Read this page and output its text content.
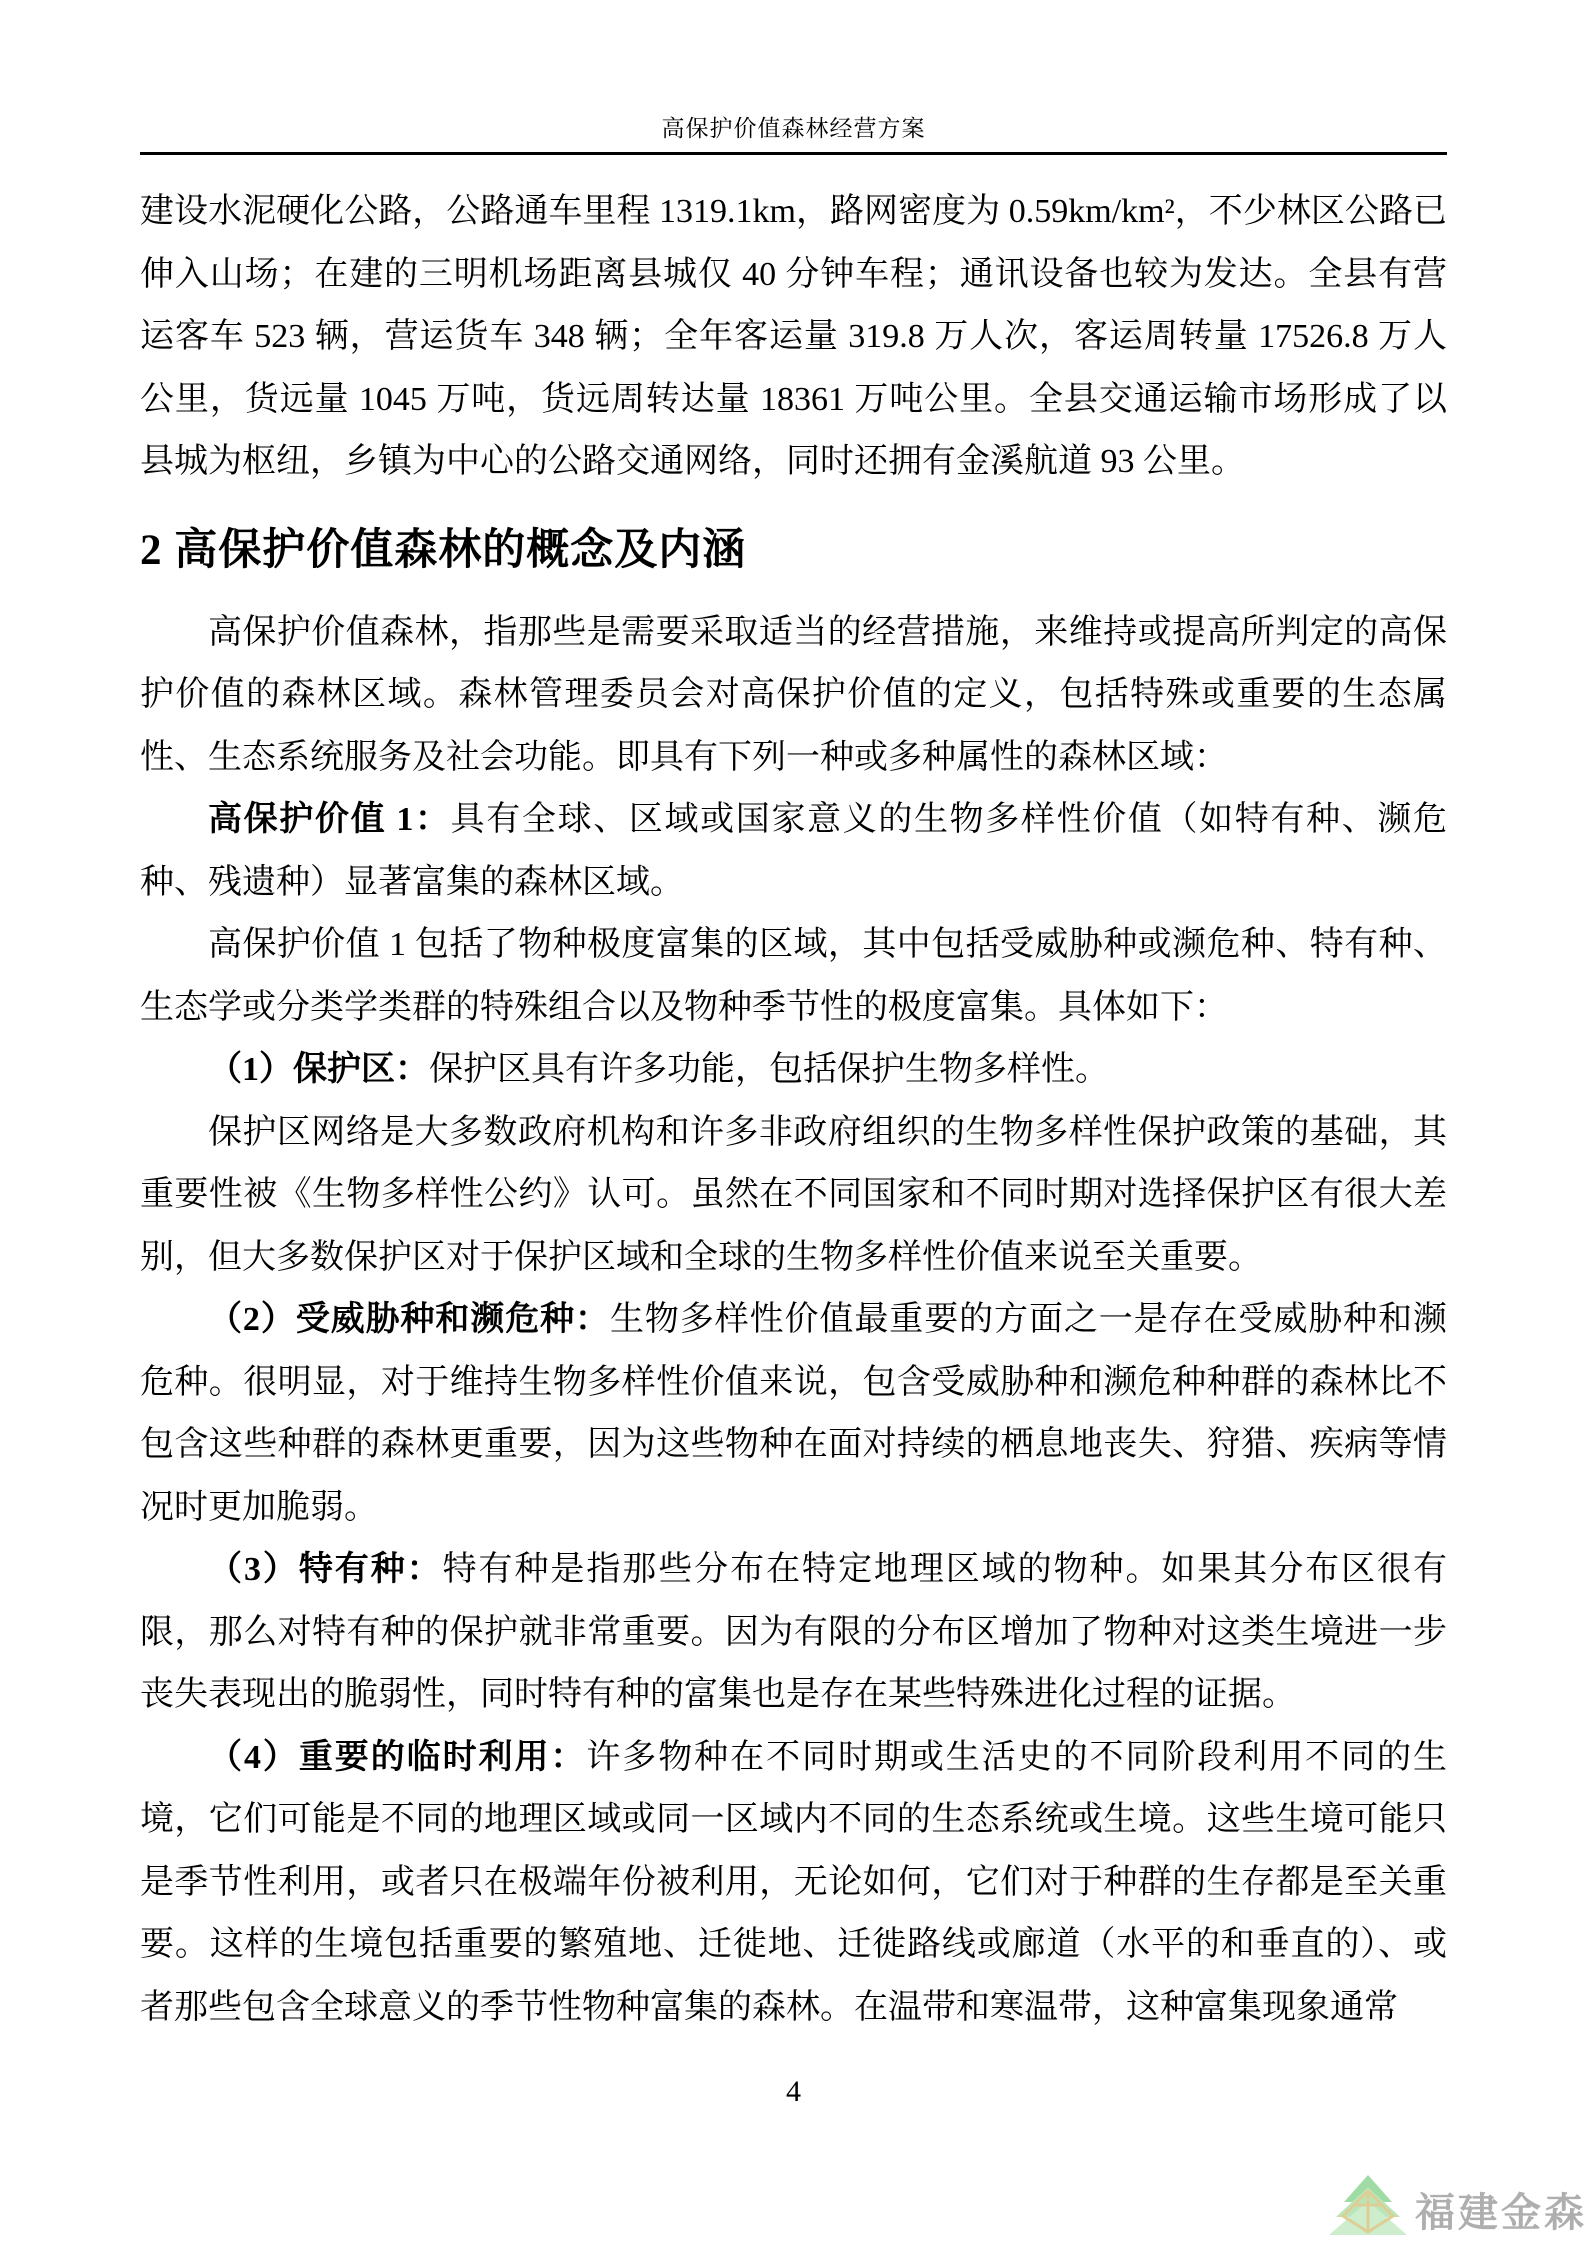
高保护价值森林经营方案

建设水泥硬化公路，公路通车里程 1319.1km，路网密度为 0.59km/km²，不少林区公路已伸入山场；在建的三明机场距离县城仅 40 分钟车程；通讯设备也较为发达。全县有营运客车 523 辆，营运货车 348 辆；全年客运量 319.8 万人次，客运周转量 17526.8 万人公里，货远量 1045 万吨，货远周转达量 18361 万吨公里。全县交通运输市场形成了以县城为枢纽，乡镇为中心的公路交通网络，同时还拥有金溪航道 93 公里。

2 高保护价值森林的概念及内涵

高保护价值森林，指那些是需要采取适当的经营措施，来维持或提高所判定的高保护价值的森林区域。森林管理委员会对高保护价值的定义，包括特殊或重要的生态属性、生态系统服务及社会功能。即具有下列一种或多种属性的森林区域：

高保护价值 1：具有全球、区域或国家意义的生物多样性价值（如特有种、濒危种、残遗种）显著富集的森林区域。

高保护价值 1 包括了物种极度富集的区域，其中包括受威胁种或濒危种、特有种、生态学或分类学类群的特殊组合以及物种季节性的极度富集。具体如下：

（1）保护区：保护区具有许多功能，包括保护生物多样性。

保护区网络是大多数政府机构和许多非政府组织的生物多样性保护政策的基础，其重要性被《生物多样性公约》认可。虽然在不同国家和不同时期对选择保护区有很大差别，但大多数保护区对于保护区域和全球的生物多样性价值来说至关重要。

（2）受威胁种和濒危种：生物多样性价值最重要的方面之一是存在受威胁种和濒危种。很明显，对于维持生物多样性价值来说，包含受威胁种和濒危种种群的森林比不包含这些种群的森林更重要，因为这些物种在面对持续的栖息地丧失、狩猎、疾病等情况时更加脆弱。

（3）特有种：特有种是指那些分布在特定地理区域的物种。如果其分布区很有限，那么对特有种的保护就非常重要。因为有限的分布区增加了物种对这类生境进一步丧失表现出的脆弱性，同时特有种的富集也是存在某些特殊进化过程的证据。

（4）重要的临时利用：许多物种在不同时期或生活史的不同阶段利用不同的生境，它们可能是不同的地理区域或同一区域内不同的生态系统或生境。这些生境可能只是季节性利用，或者只在极端年份被利用，无论如何，它们对于种群的生存都是至关重要。这样的生境包括重要的繁殖地、迁徙地、迁徙路线或廊道（水平的和垂直的）、或者那些包含全球意义的季节性物种富集的森林。在温带和寒温带，这种富集现象通常

4
福建金森
